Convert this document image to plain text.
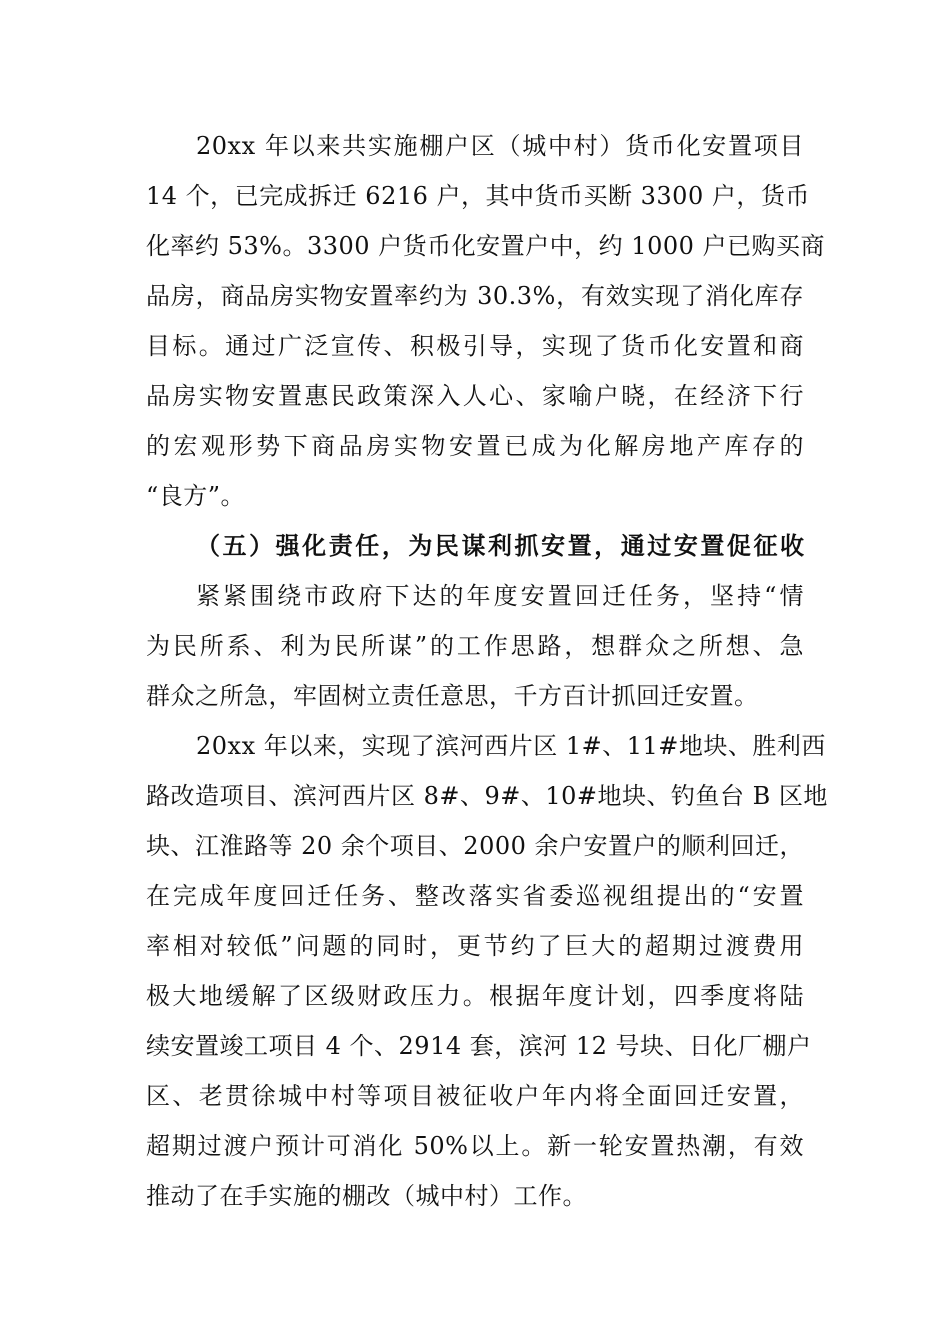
20xx 年以来共实施棚户区（城中村）货币化安置项目
14 个，已完成拆迁 6216 户，其中货币买断 3300 户，货币
化率约 53%。3300 户货币化安置户中，约 1000 户已购买商
品房，商品房实物安置率约为 30.3%，有效实现了消化库存
目标。通过广泛宣传、积极引导，实现了货币化安置和商
品房实物安置惠民政策深入人心、家喻户晓，在经济下行
的宏观形势下商品房实物安置已成为化解房地产库存的
“良方”。
（五）强化责任，为民谋利抓安置，通过安置促征收
紧紧围绕市政府下达的年度安置回迁任务，坚持“情
为民所系、利为民所谋”的工作思路，想群众之所想、急
群众之所急，牢固树立责任意思，千方百计抓回迁安置。
20xx 年以来，实现了滨河西片区 1#、11#地块、胜利西
路改造项目、滨河西片区 8#、9#、10#地块、钓鱼台 B 区地
块、江淮路等 20 余个项目、2000 余户安置户的顺利回迁，
在完成年度回迁任务、整改落实省委巡视组提出的“安置
率相对较低”问题的同时，更节约了巨大的超期过渡费用
极大地缓解了区级财政压力。根据年度计划，四季度将陆
续安置竣工项目 4 个、2914 套，滨河 12 号块、日化厂棚户
区、老贯徐城中村等项目被征收户年内将全面回迁安置，
超期过渡户预计可消化 50%以上。新一轮安置热潮，有效
推动了在手实施的棚改（城中村）工作。
